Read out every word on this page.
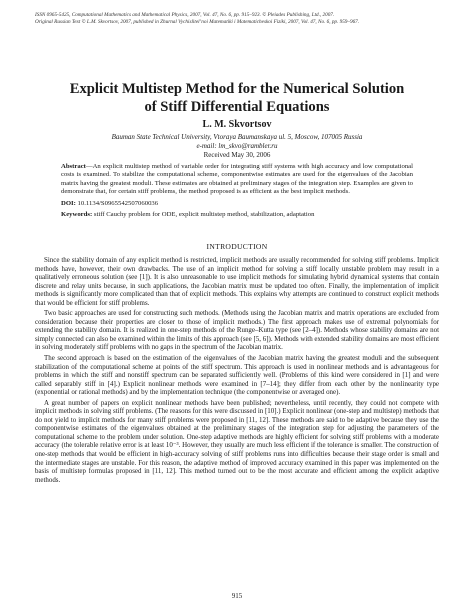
ISSN 0965-5425, Computational Mathematics and Mathematical Physics, 2007, Vol. 47, No. 6, pp. 915–923. © Pleiades Publishing, Ltd., 2007.
Original Russian Text © L.M. Skvortsov, 2007, published in Zhurnal Vychislitel’noi Matematiki i Matematicheskoi Fiziki, 2007, Vol. 47, No. 6, pp. 959–967.
Explicit Multistep Method for the Numerical Solution
of Stiff Differential Equations
L. M. Skvortsov
Bauman State Technical University, Vtoraya Baumanskaya ul. 5, Moscow, 107005 Russia
e-mail: lm_skvo@rambler.ru
Received May 30, 2006

Abstract—An explicit multistep method of variable order for integrating stiff systems with high accuracy and low computational costs is examined. To stabilize the computational scheme, componentwise estimates are used for the eigenvalues of the Jacobian matrix having the greatest moduli. These estimates are obtained at preliminary stages of the integration step. Examples are given to demonstrate that, for certain stiff problems, the method proposed is as efficient as the best implicit methods.

DOI: 10.1134/S0965542507060036

Keywords: stiff Cauchy problem for ODE, explicit multistep method, stabilization, adaptation

INTRODUCTION

Since the stability domain of any explicit method is restricted, implicit methods are usually recommended for solving stiff problems. Implicit methods have, however, their own drawbacks. The use of an implicit method for solving a stiff locally unstable problem may result in a qualitatively erroneous solution (see [1]). It is also unreasonable to use implicit methods for simulating hybrid dynamical systems that contain discrete and relay units because, in such applications, the Jacobian matrix must be updated too often. Finally, the implementation of implicit methods is significantly more complicated than that of explicit methods. This explains why attempts are continued to construct explicit methods that would be efficient for stiff problems.

Two basic approaches are used for constructing such methods. (Methods using the Jacobian matrix and matrix operations are excluded from consideration because their properties are closer to those of implicit methods.) The first approach makes use of extremal polynomials for extending the stability domain. It is realized in one-step methods of the Runge–Kutta type (see [2–4]). Methods whose stability domains are not simply connected can also be examined within the limits of this approach (see [5, 6]). Methods with extended stability domains are most efficient in solving moderately stiff problems with no gaps in the spectrum of the Jacobian matrix.

The second approach is based on the estimation of the eigenvalues of the Jacobian matrix having the greatest moduli and the subsequent stabilization of the computational scheme at points of the stiff spectrum. This approach is used in nonlinear methods and is advantageous for problems in which the stiff and nonstiff spectrum can be separated sufficiently well. (Problems of this kind were considered in [1] and were called separably stiff in [4].) Explicit nonlinear methods were examined in [7–14]; they differ from each other by the nonlinearity type (exponential or rational methods) and by the implementation technique (the componentwise or averaged one).

A great number of papers on explicit nonlinear methods have been published; nevertheless, until recently, they could not compete with implicit methods in solving stiff problems. (The reasons for this were discussed in [10].) Explicit nonlinear (one-step and multistep) methods that do not yield to implicit methods for many stiff problems were proposed in [11, 12]. These methods are said to be adaptive because they use the componentwise estimates of the eigenvalues obtained at the preliminary stages of the integration step for adjusting the parameters of the computational scheme to the problem under solution. One-step adaptive methods are highly efficient for solving stiff problems with a moderate accuracy (the tolerable relative error is at least 10⁻³. However, they usually are much less efficient if the tolerance is smaller. The construction of one-step methods that would be efficient in high-accuracy solving of stiff problems runs into difficulties because their stage order is small and the intermediate stages are unstable. For this reason, the adaptive method of improved accuracy examined in this paper was implemented on the basis of multistep formulas proposed in [11, 12]. This method turned out to be the most accurate and efficient among the explicit adaptive methods.

915
